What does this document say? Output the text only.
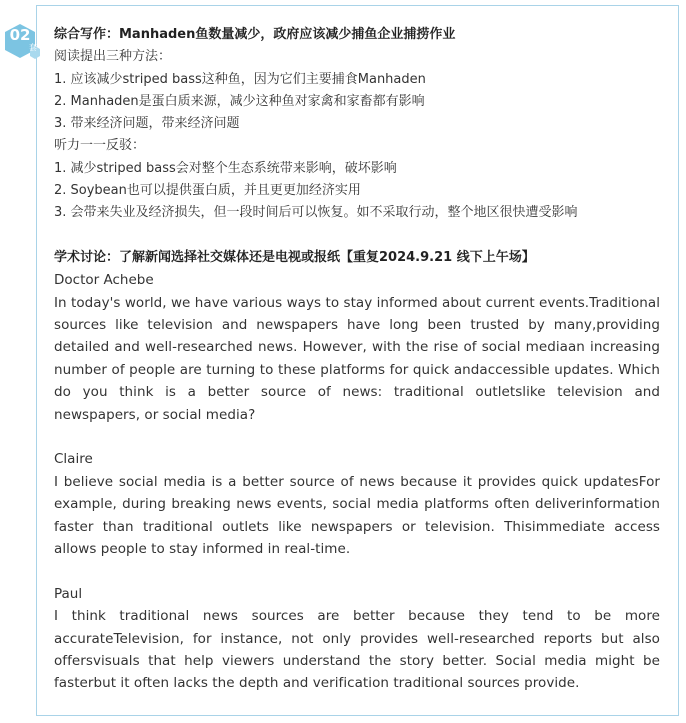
02
套
综合写作：Manhaden鱼数量减少，政府应该减少捕鱼企业捕捞作业
阅读提出三种方法：
1. 应该减少striped bass这种鱼，因为它们主要捕食Manhaden
2. Manhaden是蛋白质来源，减少这种鱼对家禽和家畜都有影响
3. 带来经济问题，带来经济问题
听力一一反驳：
1. 减少striped bass会对整个生态系统带来影响，破坏影响
2. Soybean也可以提供蛋白质，并且更更加经济实用
3. 会带来失业及经济损失，但一段时间后可以恢复。如不采取行动，整个地区很快遭受影响
学术讨论：了解新闻选择社交媒体还是电视或报纸【重复2024.9.21 线下上午场】
Doctor Achebe

In today's world, we have various ways to stay informed about current events.Traditional sources like television and newspapers have long been trusted by many,providing detailed and well-researched news. However, with the rise of social mediaan increasing number of people are turning to these platforms for quick andaccessible updates. Which do you think is a better source of news: traditional outletslike television and newspapers, or social media?

Claire

I believe social media is a better source of news because it provides quick updatesFor example, during breaking news events, social media platforms often deliverinformation faster than traditional outlets like newspapers or television. Thisimmediate access allows people to stay informed in real-time.

Paul

I think traditional news sources are better because they tend to be more accurateTelevision, for instance, not only provides well-researched reports but also offersvisuals that help viewers understand the story better. Social media might be fasterbut it often lacks the depth and verification traditional sources provide.
